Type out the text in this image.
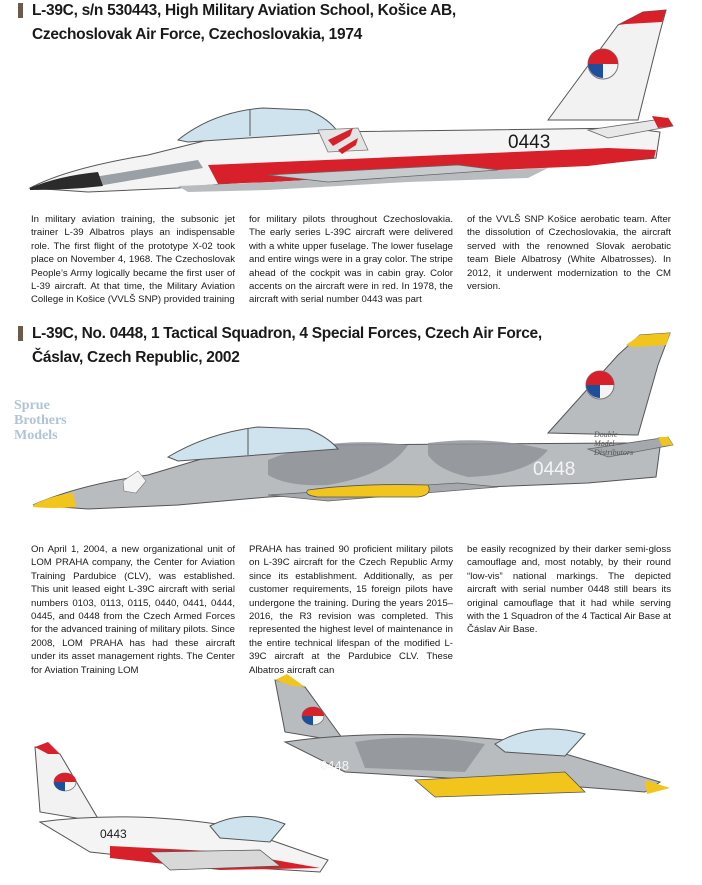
L-39C, s/n 530443, High Military Aviation School, Košice AB,
Czechoslovak Air Force, Czechoslovakia, 1974
0443

In military aviation training, the subsonic jet trainer L-39 Albatros plays an indispensable role. The first flight of the prototype X-02 took place on November 4, 1968. The Czechoslovak People’s Army logically became the first user of L-39 aircraft. At that time, the Military Aviation College in Košice (VVLŠ SNP) provided training

for military pilots throughout Czechoslovakia. The early series L-39C aircraft were delivered with a white upper fuselage. The lower fuselage and entire wings were in a gray color. The stripe ahead of the cockpit was in cabin gray. Color accents on the aircraft were in red. In 1978, the aircraft with serial number 0443 was part

of the VVLŠ SNP Košice aerobatic team. After the dissolution of Czechoslovakia, the aircraft served with the renowned Slovak aerobatic team Biele Albatrosy (White Albatrosses). In 2012, it underwent modernization to the CM version.

L-39C, No. 0448, 1 Tactical Squadron, 4 Special Forces, Czech Air Force,
Čáslav, Czech Republic, 2002
0448
Sprue
Brothers
Models	Double
Model
Distributors

On April 1, 2004, a new organizational unit of LOM PRAHA company, the Center for Aviation Training Pardubice (CLV), was established. This unit leased eight L-39C aircraft with serial numbers 0103, 0113, 0115, 0440, 0441, 0444, 0445, and 0448 from the Czech Armed Forces for the advanced training of military pilots. Since 2008, LOM PRAHA has had these aircraft under its asset management rights. The Center for Aviation Training LOM

PRAHA has trained 90 proficient military pilots on L-39C aircraft for the Czech Republic Army since its establishment. Additionally, as per customer requirements, 15 foreign pilots have undergone the training. During the years 2015–2016, the R3 revision was completed. This represented the highest level of maintenance in the entire technical lifespan of the modified L-39C aircraft at the Pardubice CLV. These Albatros aircraft can

be easily recognized by their darker semi-gloss camouflage and, most notably, by their round “low-vis” national markings. The depicted aircraft with serial number 0448 still bears its original camouflage that it had while serving with the 1 Squadron of the 4 Tactical Air Base at Čáslav Air Base.

0448
0443
